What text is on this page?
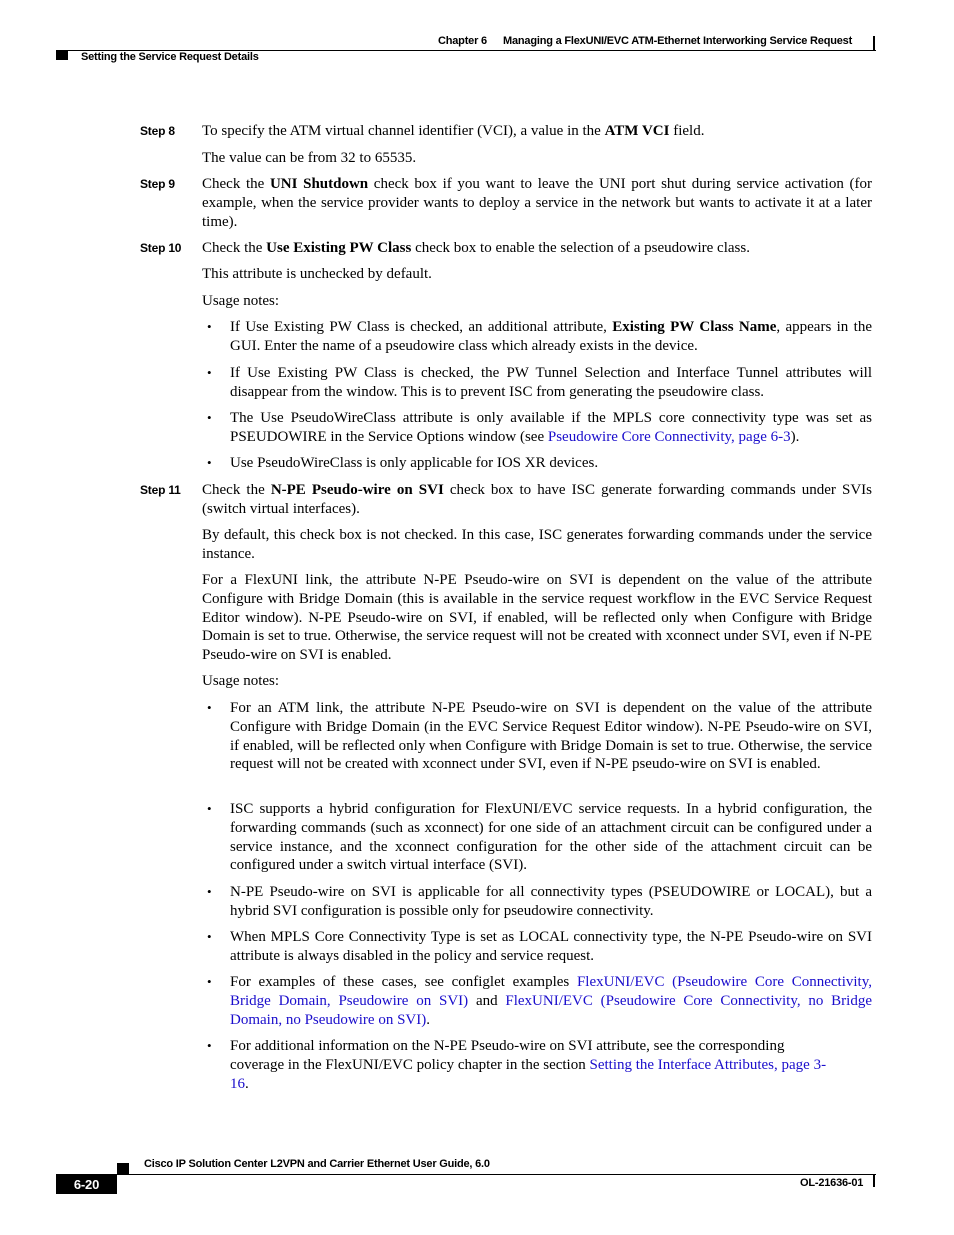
Chapter 6 Managing a FlexUNI/EVC ATM-Ethernet Interworking Service Request
Setting the Service Request Details
Step 8 To specify the ATM virtual channel identifier (VCI), a value in the ATM VCI field.
The value can be from 32 to 65535.
Step 9 Check the UNI Shutdown check box if you want to leave the UNI port shut during service activation (for example, when the service provider wants to deploy a service in the network but wants to activate it at a later time).
Step 10 Check the Use Existing PW Class check box to enable the selection of a pseudowire class.
This attribute is unchecked by default.
Usage notes:
• If Use Existing PW Class is checked, an additional attribute, Existing PW Class Name, appears in the GUI. Enter the name of a pseudowire class which already exists in the device.
• If Use Existing PW Class is checked, the PW Tunnel Selection and Interface Tunnel attributes will disappear from the window. This is to prevent ISC from generating the pseudowire class.
• The Use PseudoWireClass attribute is only available if the MPLS core connectivity type was set as PSEUDOWIRE in the Service Options window (see Pseudowire Core Connectivity, page 6-3).
• Use PseudoWireClass is only applicable for IOS XR devices.
Step 11 Check the N-PE Pseudo-wire on SVI check box to have ISC generate forwarding commands under SVIs (switch virtual interfaces).
By default, this check box is not checked. In this case, ISC generates forwarding commands under the service instance.
For a FlexUNI link, the attribute N-PE Pseudo-wire on SVI is dependent on the value of the attribute Configure with Bridge Domain (this is available in the service request workflow in the EVC Service Request Editor window). N-PE Pseudo-wire on SVI, if enabled, will be reflected only when Configure with Bridge Domain is set to true. Otherwise, the service request will not be created with xconnect under SVI, even if N-PE Pseudo-wire on SVI is enabled.
Usage notes:
• For an ATM link, the attribute N-PE Pseudo-wire on SVI is dependent on the value of the attribute Configure with Bridge Domain (in the EVC Service Request Editor window). N-PE Pseudo-wire on SVI, if enabled, will be reflected only when Configure with Bridge Domain is set to true. Otherwise, the service request will not be created with xconnect under SVI, even if N-PE pseudo-wire on SVI is enabled.
• ISC supports a hybrid configuration for FlexUNI/EVC service requests. In a hybrid configuration, the forwarding commands (such as xconnect) for one side of an attachment circuit can be configured under a service instance, and the xconnect configuration for the other side of the attachment circuit can be configured under a switch virtual interface (SVI).
• N-PE Pseudo-wire on SVI is applicable for all connectivity types (PSEUDOWIRE or LOCAL), but a hybrid SVI configuration is possible only for pseudowire connectivity.
• When MPLS Core Connectivity Type is set as LOCAL connectivity type, the N-PE Pseudo-wire on SVI attribute is always disabled in the policy and service request.
• For examples of these cases, see configlet examples FlexUNI/EVC (Pseudowire Core Connectivity, Bridge Domain, Pseudowire on SVI) and FlexUNI/EVC (Pseudowire Core Connectivity, no Bridge Domain, no Pseudowire on SVI).
• For additional information on the N-PE Pseudo-wire on SVI attribute, see the corresponding coverage in the FlexUNI/EVC policy chapter in the section Setting the Interface Attributes, page 3-16.
Cisco IP Solution Center L2VPN and Carrier Ethernet User Guide, 6.0
6-20	OL-21636-01
